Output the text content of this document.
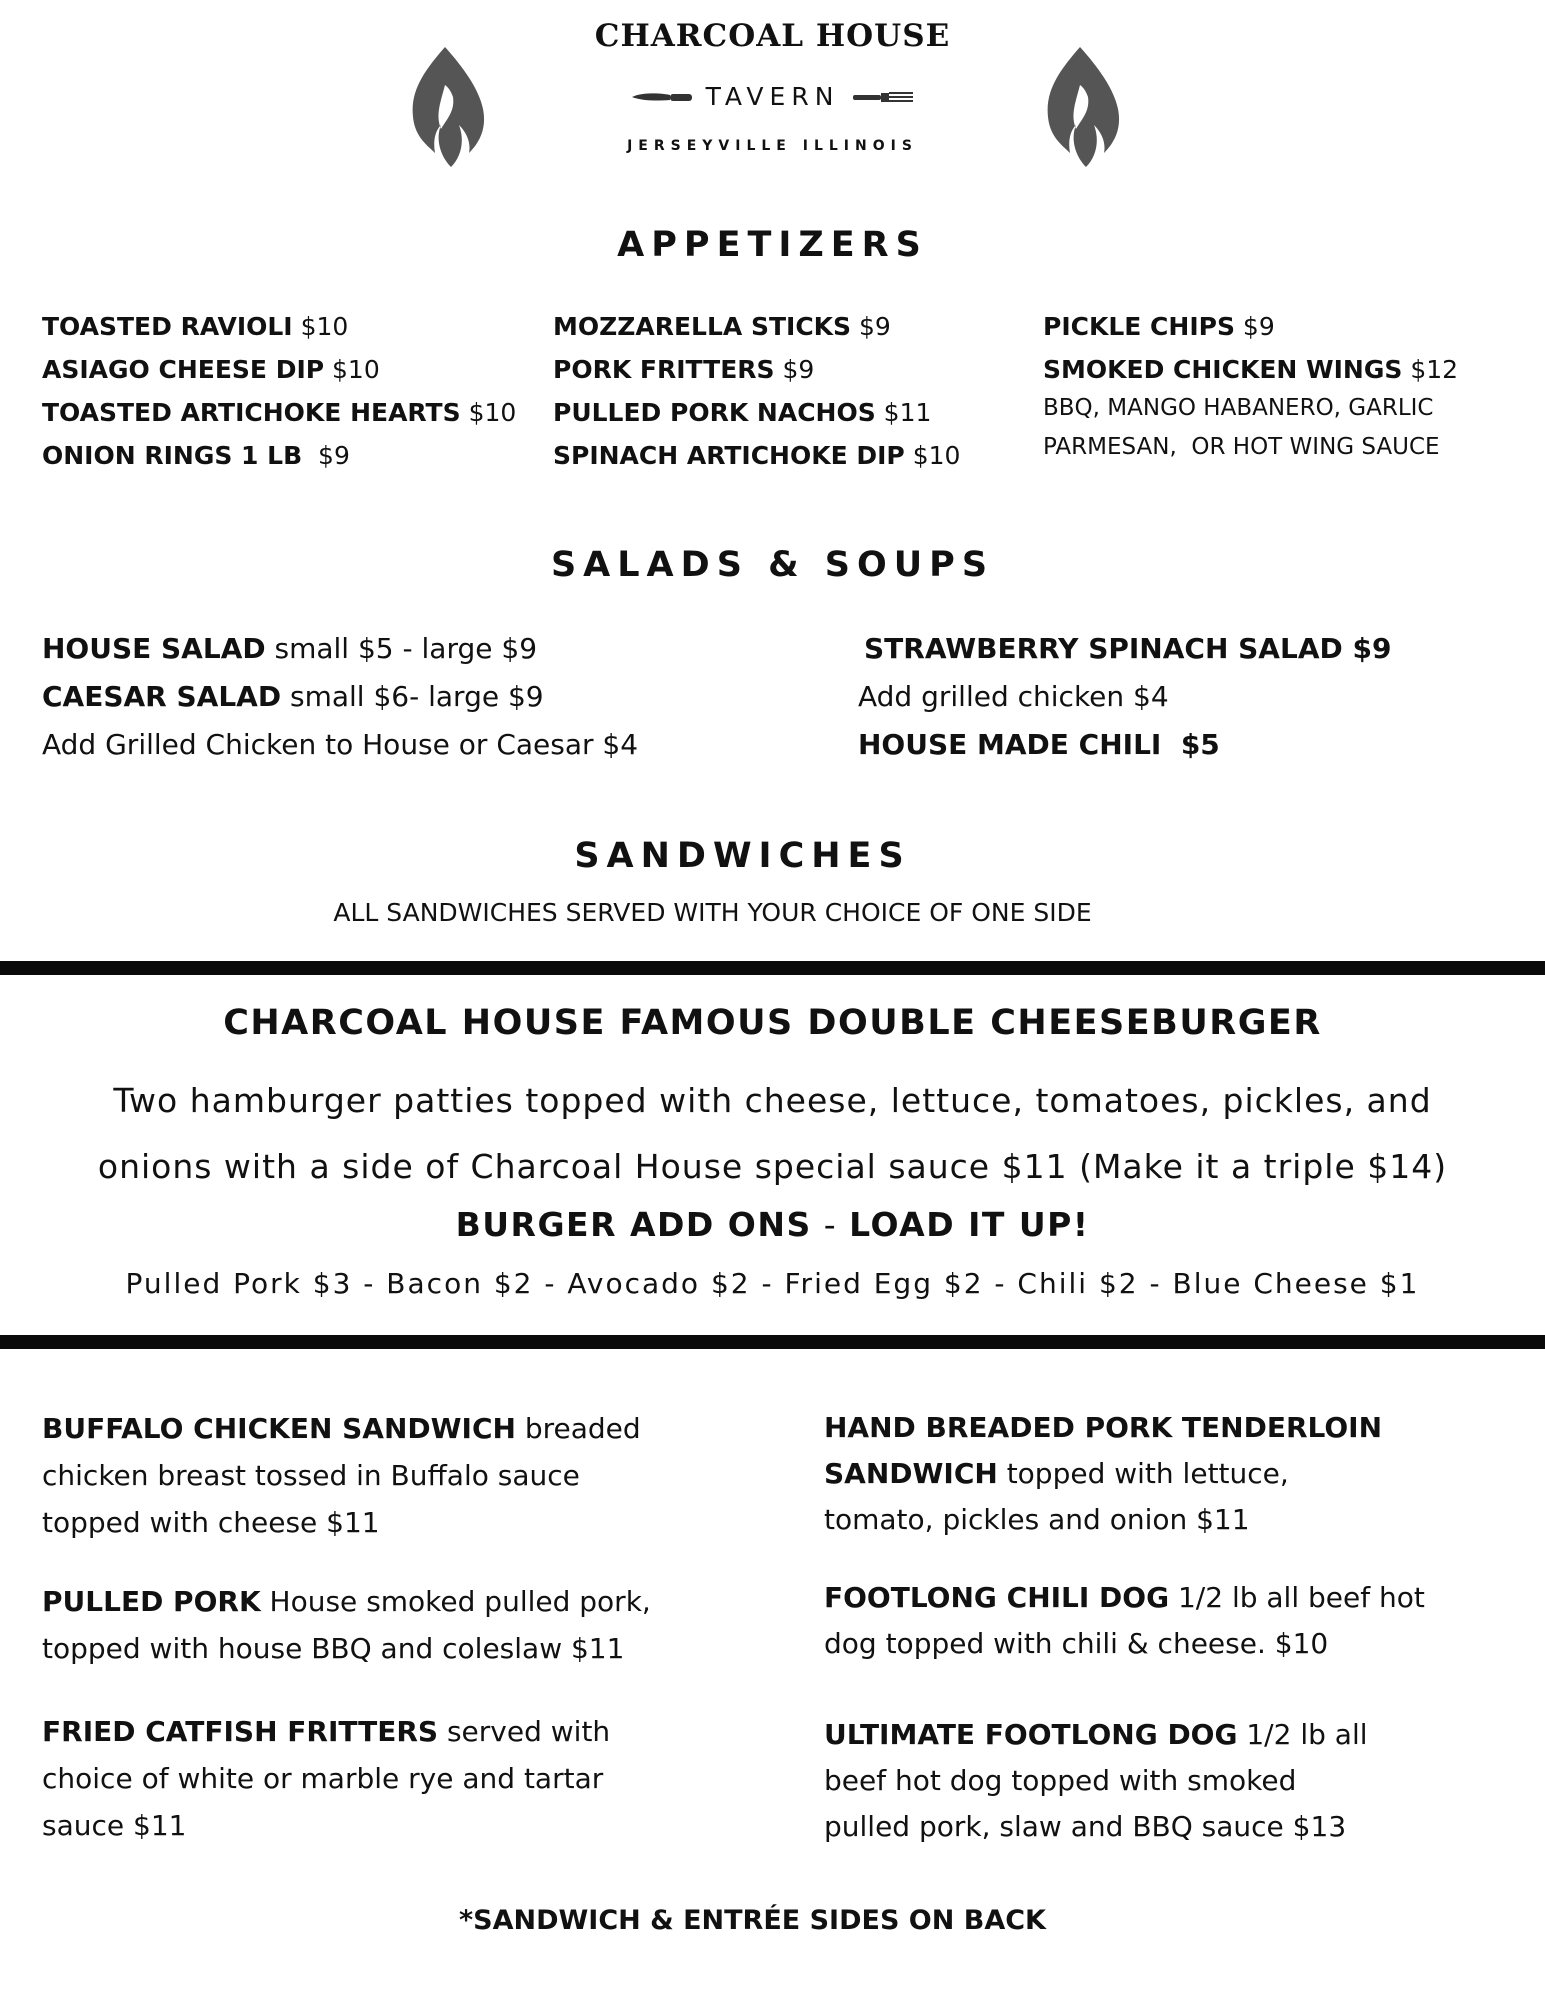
CHARCOAL HOUSE
TAVERN
JERSEYVILLE ILLINOIS
APPETIZERS
TOASTED RAVIOLI $10
ASIAGO CHEESE DIP $10
TOASTED ARTICHOKE HEARTS $10
ONION RINGS 1 LB  $9
MOZZARELLA STICKS $9
PORK FRITTERS $9
PULLED PORK NACHOS $11
SPINACH ARTICHOKE DIP $10
PICKLE CHIPS $9
SMOKED CHICKEN WINGS $12
BBQ, MANGO HABANERO, GARLIC
PARMESAN,  OR HOT WING SAUCE
SALADS & SOUPS
HOUSE SALAD small $5 - large $9
CAESAR SALAD small $6- large $9
Add Grilled Chicken to House or Caesar $4
STRAWBERRY SPINACH SALAD $9
Add grilled chicken $4
HOUSE MADE CHILI  $5
SANDWICHES
ALL SANDWICHES SERVED WITH YOUR CHOICE OF ONE SIDE
CHARCOAL HOUSE FAMOUS DOUBLE CHEESEBURGER
Two hamburger patties topped with cheese, lettuce, tomatoes, pickles, and
onions with a side of Charcoal House special sauce $11 (Make it a triple $14)
BURGER ADD ONS - LOAD IT UP!
Pulled Pork $3 - Bacon $2 - Avocado $2 - Fried Egg $2 - Chili $2 - Blue Cheese $1
BUFFALO CHICKEN SANDWICH breaded
chicken breast tossed in Buffalo sauce
topped with cheese $11
PULLED PORK House smoked pulled pork,
topped with house BBQ and coleslaw $11
FRIED CATFISH FRITTERS served with
choice of white or marble rye and tartar
sauce $11
HAND BREADED PORK TENDERLOIN
SANDWICH topped with lettuce,
tomato, pickles and onion $11
FOOTLONG CHILI DOG 1/2 lb all beef hot
dog topped with chili & cheese. $10
ULTIMATE FOOTLONG DOG 1/2 lb all
beef hot dog topped with smoked
pulled pork, slaw and BBQ sauce $13
*SANDWICH & ENTRÉE SIDES ON BACK
